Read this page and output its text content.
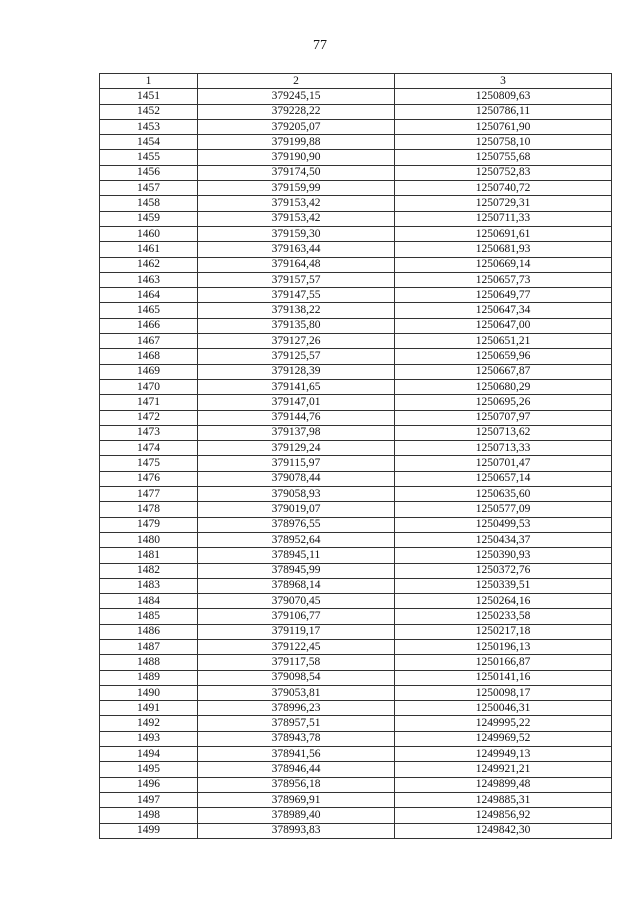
77
1	2	3
1451	379245,15	1250809,63
1452	379228,22	1250786,11
1453	379205,07	1250761,90
1454	379199,88	1250758,10
1455	379190,90	1250755,68
1456	379174,50	1250752,83
1457	379159,99	1250740,72
1458	379153,42	1250729,31
1459	379153,42	1250711,33
1460	379159,30	1250691,61
1461	379163,44	1250681,93
1462	379164,48	1250669,14
1463	379157,57	1250657,73
1464	379147,55	1250649,77
1465	379138,22	1250647,34
1466	379135,80	1250647,00
1467	379127,26	1250651,21
1468	379125,57	1250659,96
1469	379128,39	1250667,87
1470	379141,65	1250680,29
1471	379147,01	1250695,26
1472	379144,76	1250707,97
1473	379137,98	1250713,62
1474	379129,24	1250713,33
1475	379115,97	1250701,47
1476	379078,44	1250657,14
1477	379058,93	1250635,60
1478	379019,07	1250577,09
1479	378976,55	1250499,53
1480	378952,64	1250434,37
1481	378945,11	1250390,93
1482	378945,99	1250372,76
1483	378968,14	1250339,51
1484	379070,45	1250264,16
1485	379106,77	1250233,58
1486	379119,17	1250217,18
1487	379122,45	1250196,13
1488	379117,58	1250166,87
1489	379098,54	1250141,16
1490	379053,81	1250098,17
1491	378996,23	1250046,31
1492	378957,51	1249995,22
1493	378943,78	1249969,52
1494	378941,56	1249949,13
1495	378946,44	1249921,21
1496	378956,18	1249899,48
1497	378969,91	1249885,31
1498	378989,40	1249856,92
1499	378993,83	1249842,30
